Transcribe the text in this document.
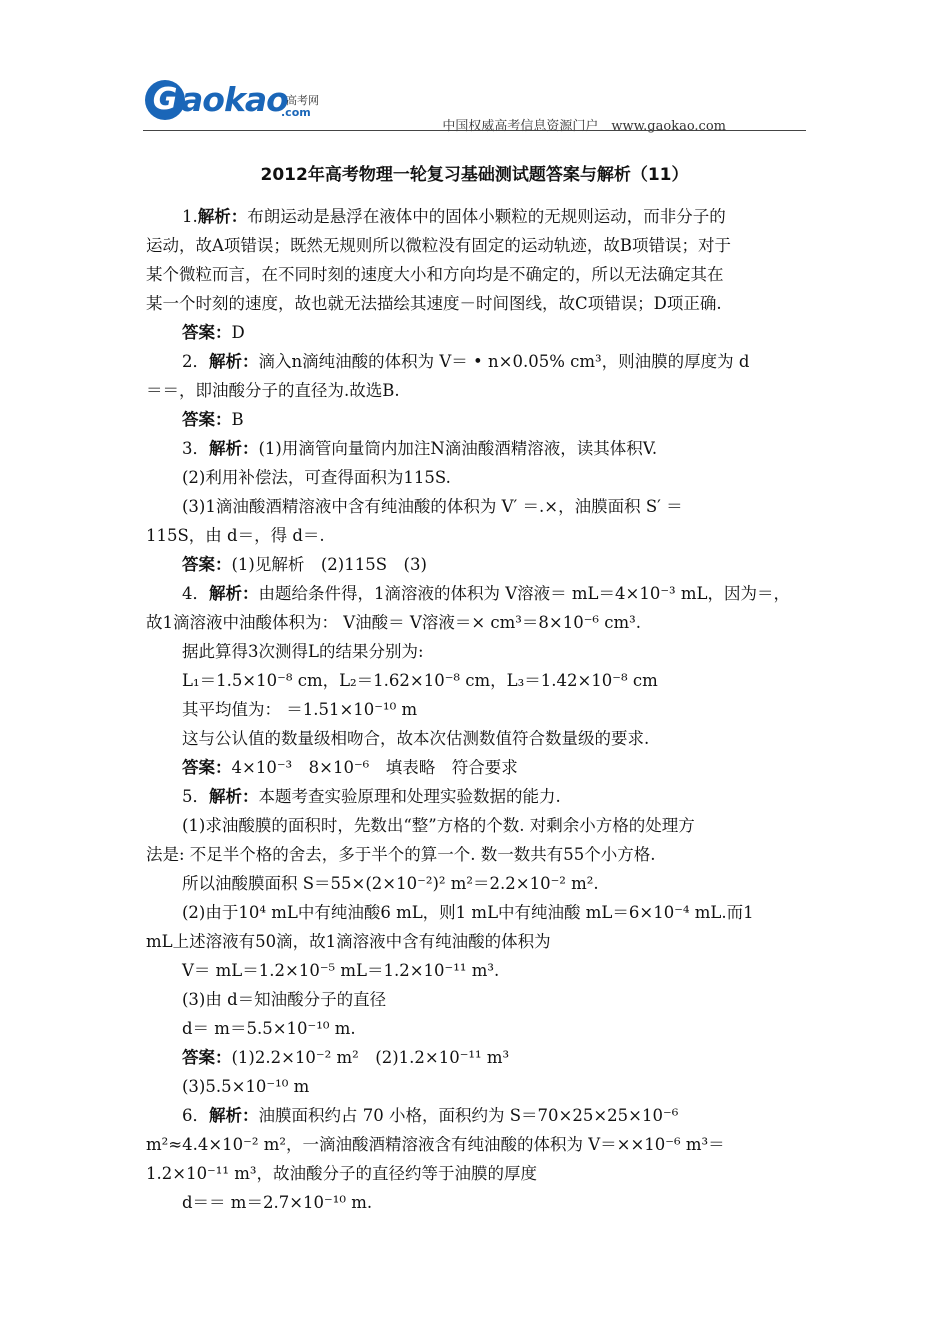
G aokao
高考网
.com
中国权威高考信息资源门户　www.gaokao.com
2012年高考物理一轮复习基础测试题答案与解析（11）
1.解析：布朗运动是悬浮在液体中的固体小颗粒的无规则运动，而非分子的
运动，故A项错误；既然无规则所以微粒没有固定的运动轨迹，故B项错误；对于
某个微粒而言，在不同时刻的速度大小和方向均是不确定的，所以无法确定其在
某一个时刻的速度，故也就无法描绘其速度－时间图线，故C项错误；D项正确.
答案：D
2．解析：滴入n滴纯油酸的体积为 V＝ • n×0.05% cm³，则油膜的厚度为 d
＝＝，即油酸分子的直径为.故选B.
答案：B
3．解析：(1)用滴管向量筒内加注N滴油酸酒精溶液，读其体积V.
(2)利用补偿法，可查得面积为115S.
(3)1滴油酸酒精溶液中含有纯油酸的体积为 V′ ＝.×，油膜面积 S′ ＝
115S，由 d＝，得 d＝.
答案：(1)见解析　(2)115S　(3)
4．解析：由题给条件得，1滴溶液的体积为 V溶液＝ mL＝4×10⁻³ mL，因为＝，
故1滴溶液中油酸体积为： V油酸＝ V溶液＝× cm³＝8×10⁻⁶ cm³.
据此算得3次测得L的结果分别为:
L₁＝1.5×10⁻⁸ cm，L₂＝1.62×10⁻⁸ cm，L₃＝1.42×10⁻⁸ cm
其平均值为： ＝1.51×10⁻¹⁰ m
这与公认值的数量级相吻合，故本次估测数值符合数量级的要求.
答案：4×10⁻³　8×10⁻⁶　填表略　符合要求
5．解析：本题考查实验原理和处理实验数据的能力.
(1)求油酸膜的面积时，先数出“整”方格的个数. 对剩余小方格的处理方
法是: 不足半个格的舍去，多于半个的算一个. 数一数共有55个小方格.
所以油酸膜面积 S＝55×(2×10⁻²)² m²＝2.2×10⁻² m².
(2)由于10⁴ mL中有纯油酸6 mL，则1 mL中有纯油酸 mL＝6×10⁻⁴ mL.而1
mL上述溶液有50滴，故1滴溶液中含有纯油酸的体积为
V＝ mL＝1.2×10⁻⁵ mL＝1.2×10⁻¹¹ m³.
(3)由 d＝知油酸分子的直径
d＝ m＝5.5×10⁻¹⁰ m.
答案：(1)2.2×10⁻² m²　(2)1.2×10⁻¹¹ m³
(3)5.5×10⁻¹⁰ m
6．解析：油膜面积约占 70 小格，面积约为 S＝70×25×25×10⁻⁶
m²≈4.4×10⁻² m²，一滴油酸酒精溶液含有纯油酸的体积为 V＝××10⁻⁶ m³＝
1.2×10⁻¹¹ m³，故油酸分子的直径约等于油膜的厚度
d＝＝ m＝2.7×10⁻¹⁰ m.
